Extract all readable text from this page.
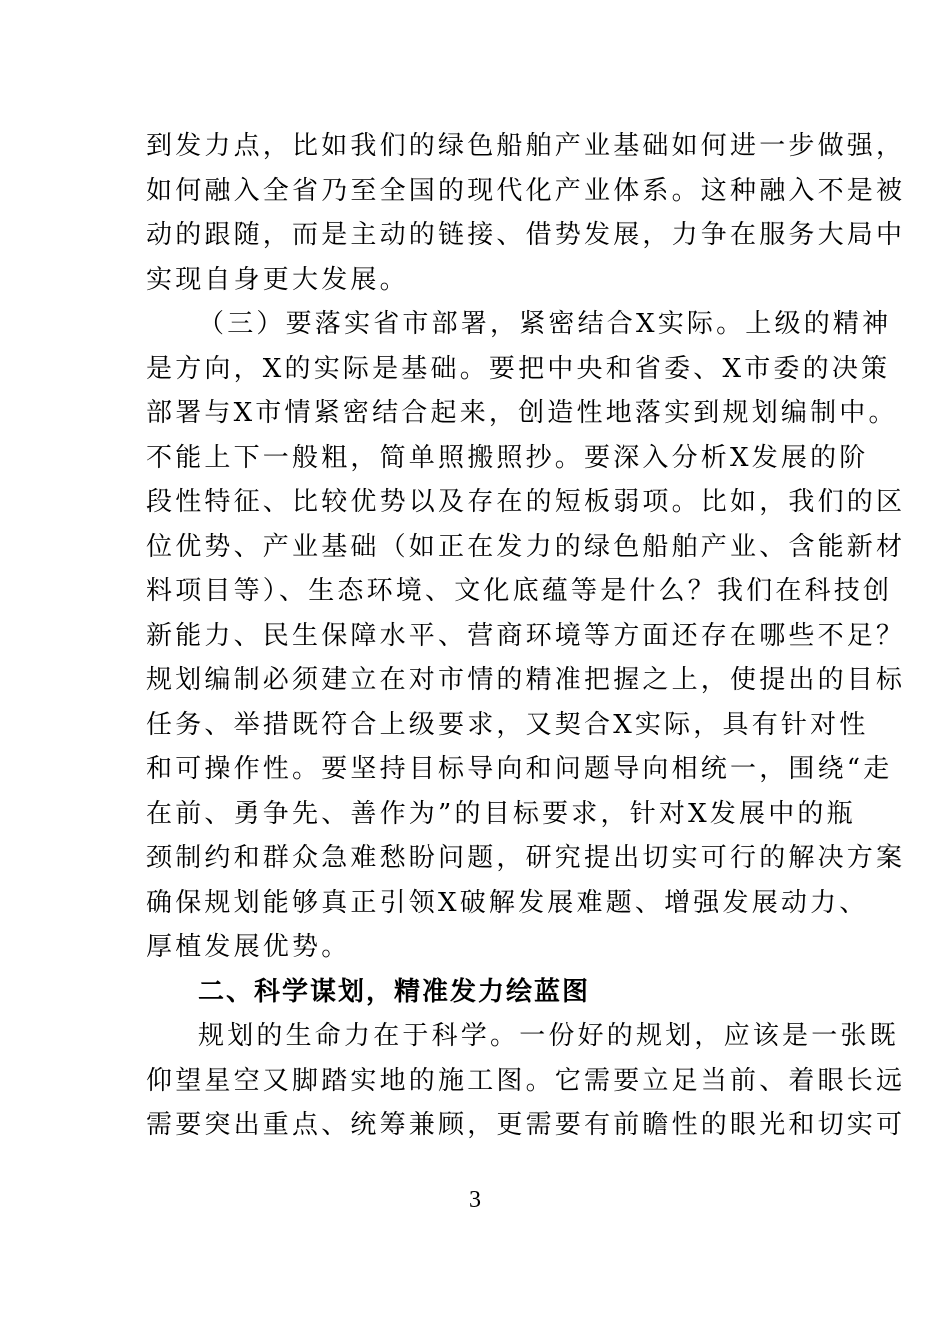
到发力点，比如我们的绿色船舶产业基础如何进一步做强，
如何融入全省乃至全国的现代化产业体系。这种融入不是被
动的跟随，而是主动的链接、借势发展，力争在服务大局中
实现自身更大发展。
（三）要落实省市部署，紧密结合X实际。上级的精神
是方向，X的实际是基础。要把中央和省委、X市委的决策
部署与X市情紧密结合起来，创造性地落实到规划编制中。
不能上下一般粗，简单照搬照抄。要深入分析X发展的阶
段性特征、比较优势以及存在的短板弱项。比如，我们的区
位优势、产业基础（如正在发力的绿色船舶产业、含能新材
料项目等）、生态环境、文化底蕴等是什么？我们在科技创
新能力、民生保障水平、营商环境等方面还存在哪些不足？
规划编制必须建立在对市情的精准把握之上，使提出的目标
任务、举措既符合上级要求，又契合X实际，具有针对性
和可操作性。要坚持目标导向和问题导向相统一，围绕“走
在前、勇争先、善作为”的目标要求，针对X发展中的瓶
颈制约和群众急难愁盼问题，研究提出切实可行的解决方案
确保规划能够真正引领X破解发展难题、增强发展动力、
厚植发展优势。
二、科学谋划，精准发力绘蓝图
规划的生命力在于科学。一份好的规划，应该是一张既
仰望星空又脚踏实地的施工图。它需要立足当前、着眼长远
需要突出重点、统筹兼顾，更需要有前瞻性的眼光和切实可
3
